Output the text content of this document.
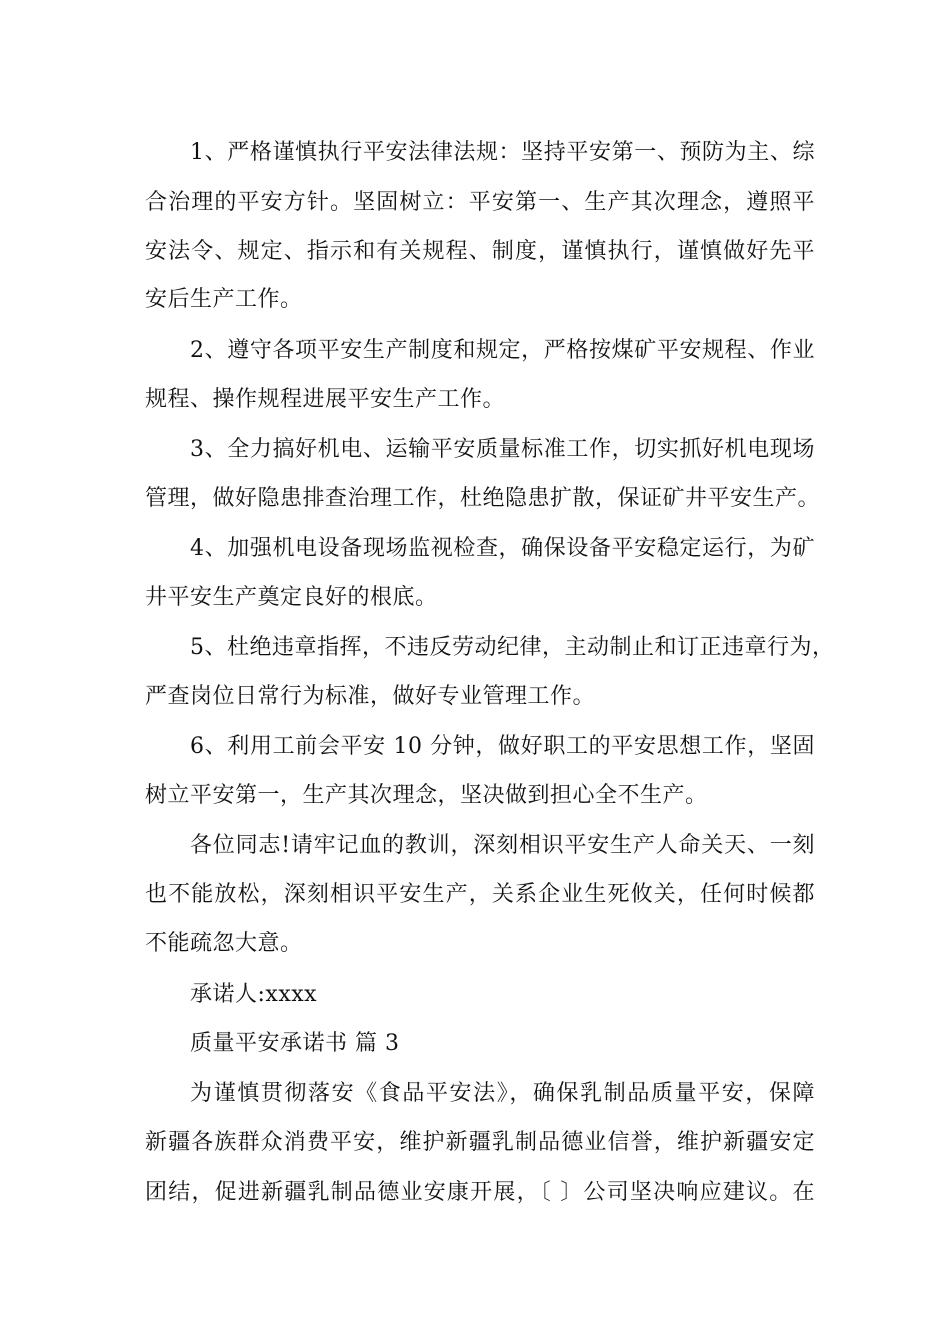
1、严格谨慎执行平安法律法规：坚持平安第一、预防为主、综
合治理的平安方针。坚固树立：平安第一、生产其次理念，遵照平
安法令、规定、指示和有关规程、制度，谨慎执行，谨慎做好先平
安后生产工作。
2、遵守各项平安生产制度和规定，严格按煤矿平安规程、作业
规程、操作规程进展平安生产工作。
3、全力搞好机电、运输平安质量标准工作，切实抓好机电现场
管理，做好隐患排查治理工作，杜绝隐患扩散，保证矿井平安生产。
4、加强机电设备现场监视检查，确保设备平安稳定运行，为矿
井平安生产奠定良好的根底。
5、杜绝违章指挥，不违反劳动纪律，主动制止和订正违章行为，
严查岗位日常行为标准，做好专业管理工作。
6、利用工前会平安 10 分钟，做好职工的平安思想工作，坚固
树立平安第一，生产其次理念，坚决做到担心全不生产。
各位同志!请牢记血的教训，深刻相识平安生产人命关天、一刻
也不能放松，深刻相识平安生产，关系企业生死攸关，任何时候都
不能疏忽大意。
承诺人:xxxx
质量平安承诺书 篇 3
为谨慎贯彻落安《食品平安法》，确保乳制品质量平安，保障
新疆各族群众消费平安，维护新疆乳制品德业信誉，维护新疆安定
团结，促进新疆乳制品德业安康开展，〔 〕公司坚决响应建议。在
